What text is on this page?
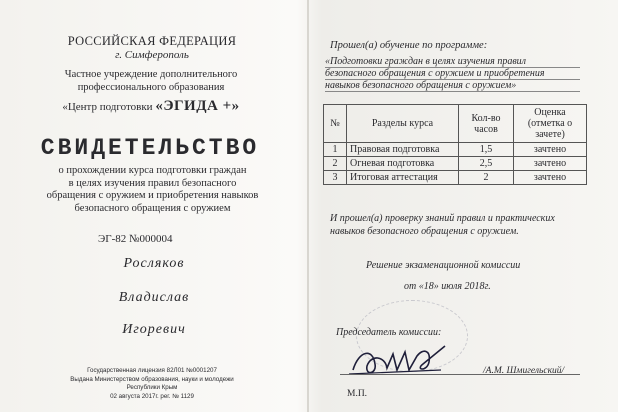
РОССИЙСКАЯ ФЕДЕРАЦИЯ
г. Симферополь
Частное учреждение дополнительного
профессионального образования
«Центр подготовки «ЭГИДА +»
СВИДЕТЕЛЬСТВО
о прохождении курса подготовки граждан
в целях изучения правил безопасного
обращения с оружием и приобретения навыков
безопасного обращения с оружием
ЭГ-82 №000004
Росляков
Владислав
Игоревич
Государственная лицензия 82Л01 №0001207
Выдана Министерством образования, науки и молодежи
Республики Крым
02 августа 2017г. рег. № 1129
Прошел(а) обучение по программе:
«Подготовки граждан в целях изучения правил
безопасного обращения с оружием и приобретения
навыков безопасного обращения с оружием»
№	Разделы курса	Кол-во часов	Оценка (отметка о зачете)
1	Правовая подготовка	1,5	зачтено
2	Огневая подготовка	2,5	зачтено
3	Итоговая аттестация	2	зачтено
И прошел(а) проверку знаний правил и практических навыков безопасного обращения с оружием.
Решение экзаменационной комиссии
от «18» июля 2018г.
Председатель комиссии:
/А.М. Шмигельский/
М.П.
